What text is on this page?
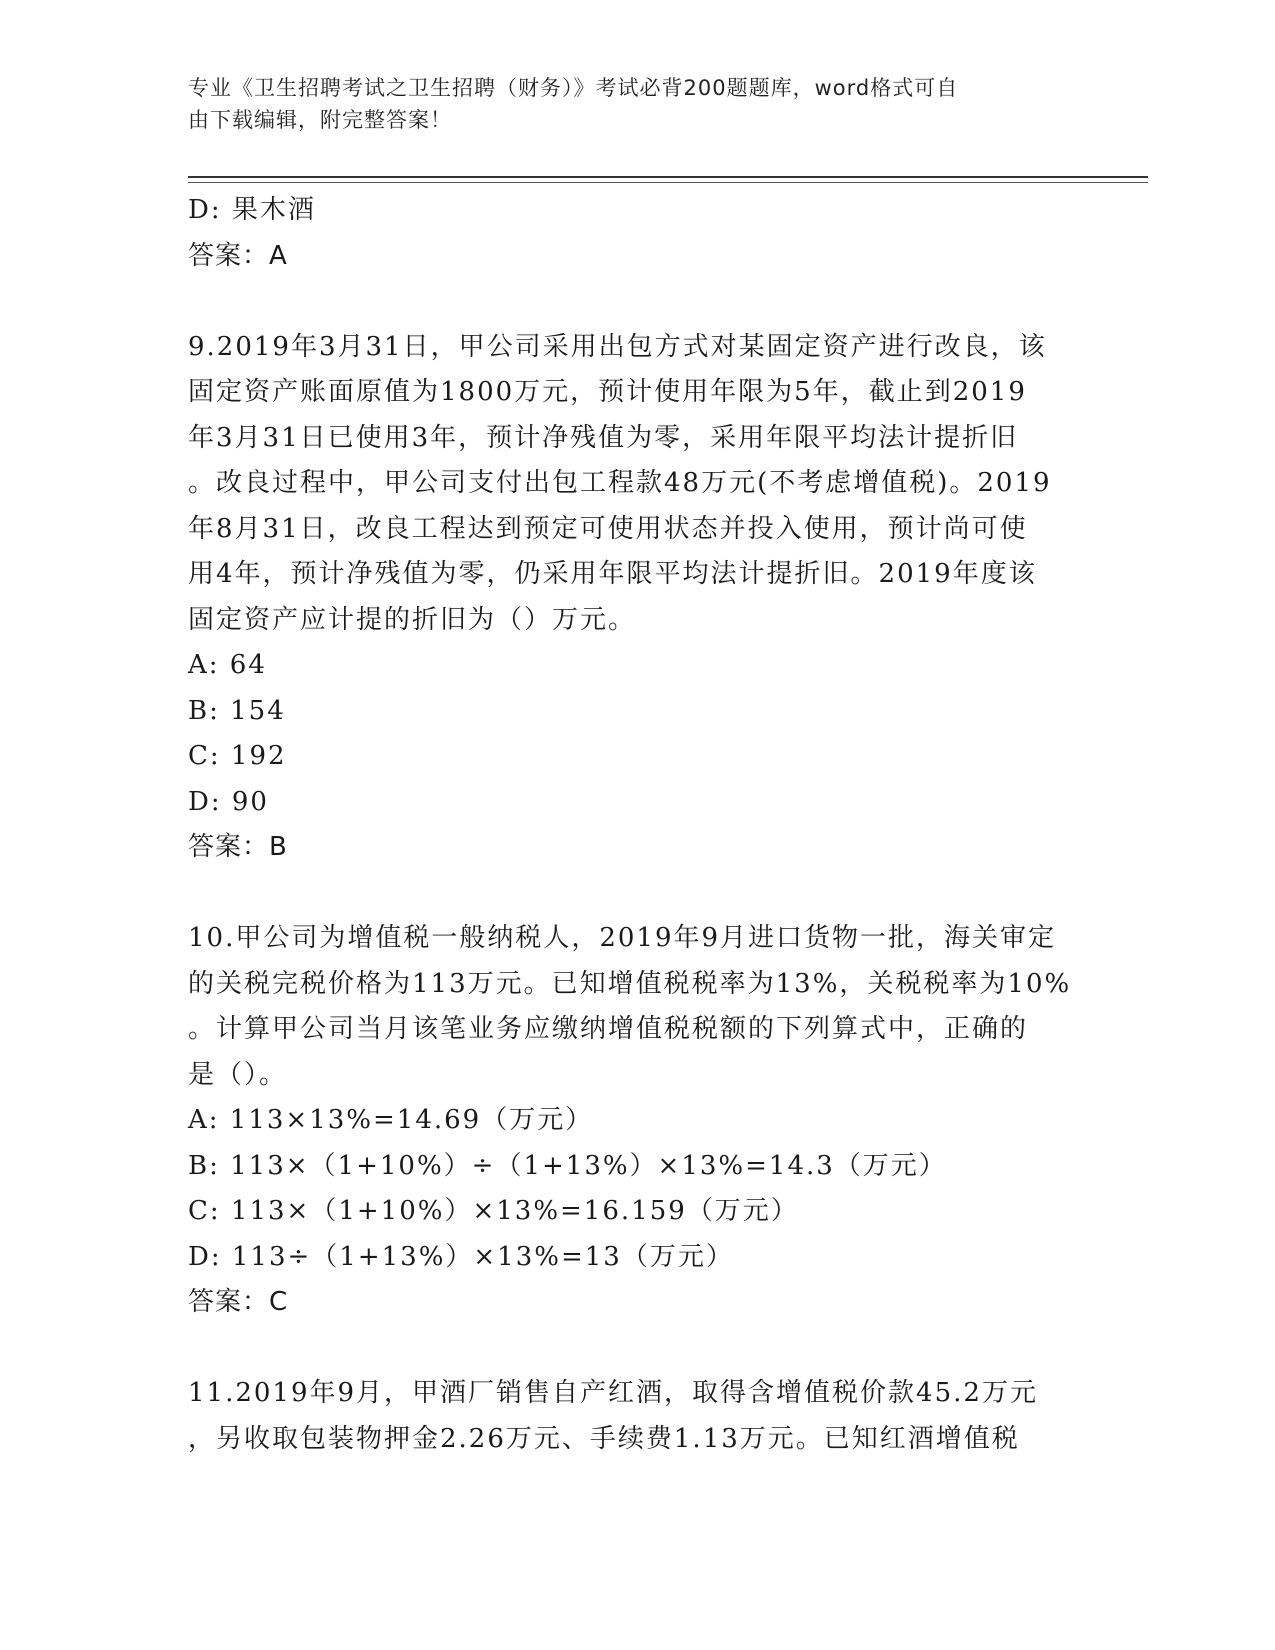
专业《卫生招聘考试之卫生招聘（财务）》考试必背200题题库，word格式可自
由下载编辑，附完整答案！
D: 果木酒
答案：A
9.2019年3月31日，甲公司采用出包方式对某固定资产进行改良，该
固定资产账面原值为1800万元，预计使用年限为5年，截止到2019
年3月31日已使用3年，预计净残值为零，采用年限平均法计提折旧
。改良过程中，甲公司支付出包工程款48万元(不考虑增值税)。2019
年8月31日，改良工程达到预定可使用状态并投入使用，预计尚可使
用4年，预计净残值为零，仍采用年限平均法计提折旧。2019年度该
固定资产应计提的折旧为（）万元。
A: 64
B: 154
C: 192
D: 90
答案：B
10.甲公司为增值税一般纳税人，2019年9月进口货物一批，海关审定
的关税完税价格为113万元。已知增值税税率为13%，关税税率为10%
。计算甲公司当月该笔业务应缴纳增值税税额的下列算式中，正确的
是（）。
A: 113×13%=14.69（万元）
B: 113×（1+10%）÷（1+13%）×13%=14.3（万元）
C: 113×（1+10%）×13%=16.159（万元）
D: 113÷（1+13%）×13%=13（万元）
答案：C
11.2019年9月，甲酒厂销售自产红酒，取得含增值税价款45.2万元
，另收取包装物押金2.26万元、手续费1.13万元。已知红酒增值税
